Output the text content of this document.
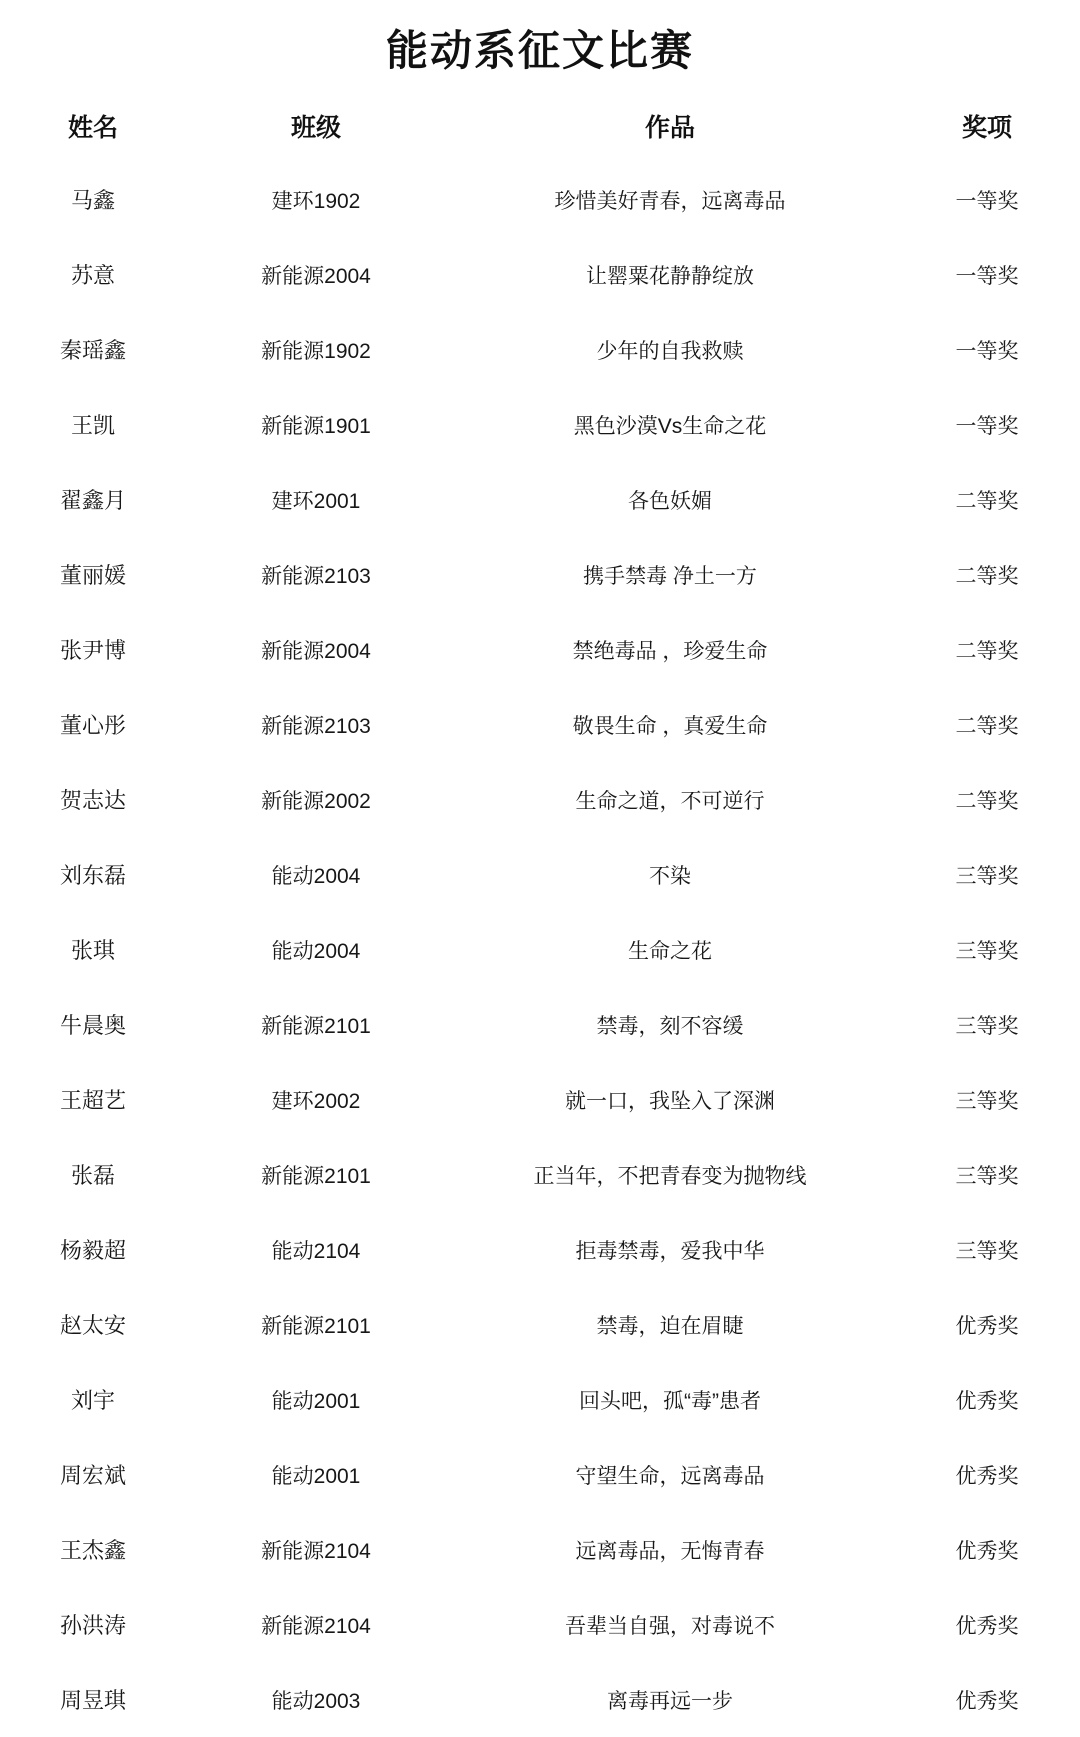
能动系征文比赛
姓名	班级	作品	奖项
马鑫	建环1902	珍惜美好青春，远离毒品	一等奖
苏意	新能源2004	让罂粟花静静绽放	一等奖
秦瑶鑫	新能源1902	少年的自我救赎	一等奖
王凯	新能源1901	黑色沙漠Vs生命之花	一等奖
翟鑫月	建环2001	各色妖媚	二等奖
董丽媛	新能源2103	携手禁毒 净土一方	二等奖
张尹博	新能源2004	禁绝毒品 ，珍爱生命	二等奖
董心彤	新能源2103	敬畏生命 ，真爱生命	二等奖
贺志达	新能源2002	生命之道，不可逆行	二等奖
刘东磊	能动2004	不染	三等奖
张琪	能动2004	生命之花	三等奖
牛晨奥	新能源2101	禁毒，刻不容缓	三等奖
王超艺	建环2002	就一口，我坠入了深渊	三等奖
张磊	新能源2101	正当年，不把青春变为抛物线	三等奖
杨毅超	能动2104	拒毒禁毒，爱我中华	三等奖
赵太安	新能源2101	禁毒，迫在眉睫	优秀奖
刘宇	能动2001	回头吧，孤“毒”患者	优秀奖
周宏斌	能动2001	守望生命，远离毒品	优秀奖
王杰鑫	新能源2104	远离毒品，无悔青春	优秀奖
孙洪涛	新能源2104	吾辈当自强，对毒说不	优秀奖
周昱琪	能动2003	离毒再远一步	优秀奖
